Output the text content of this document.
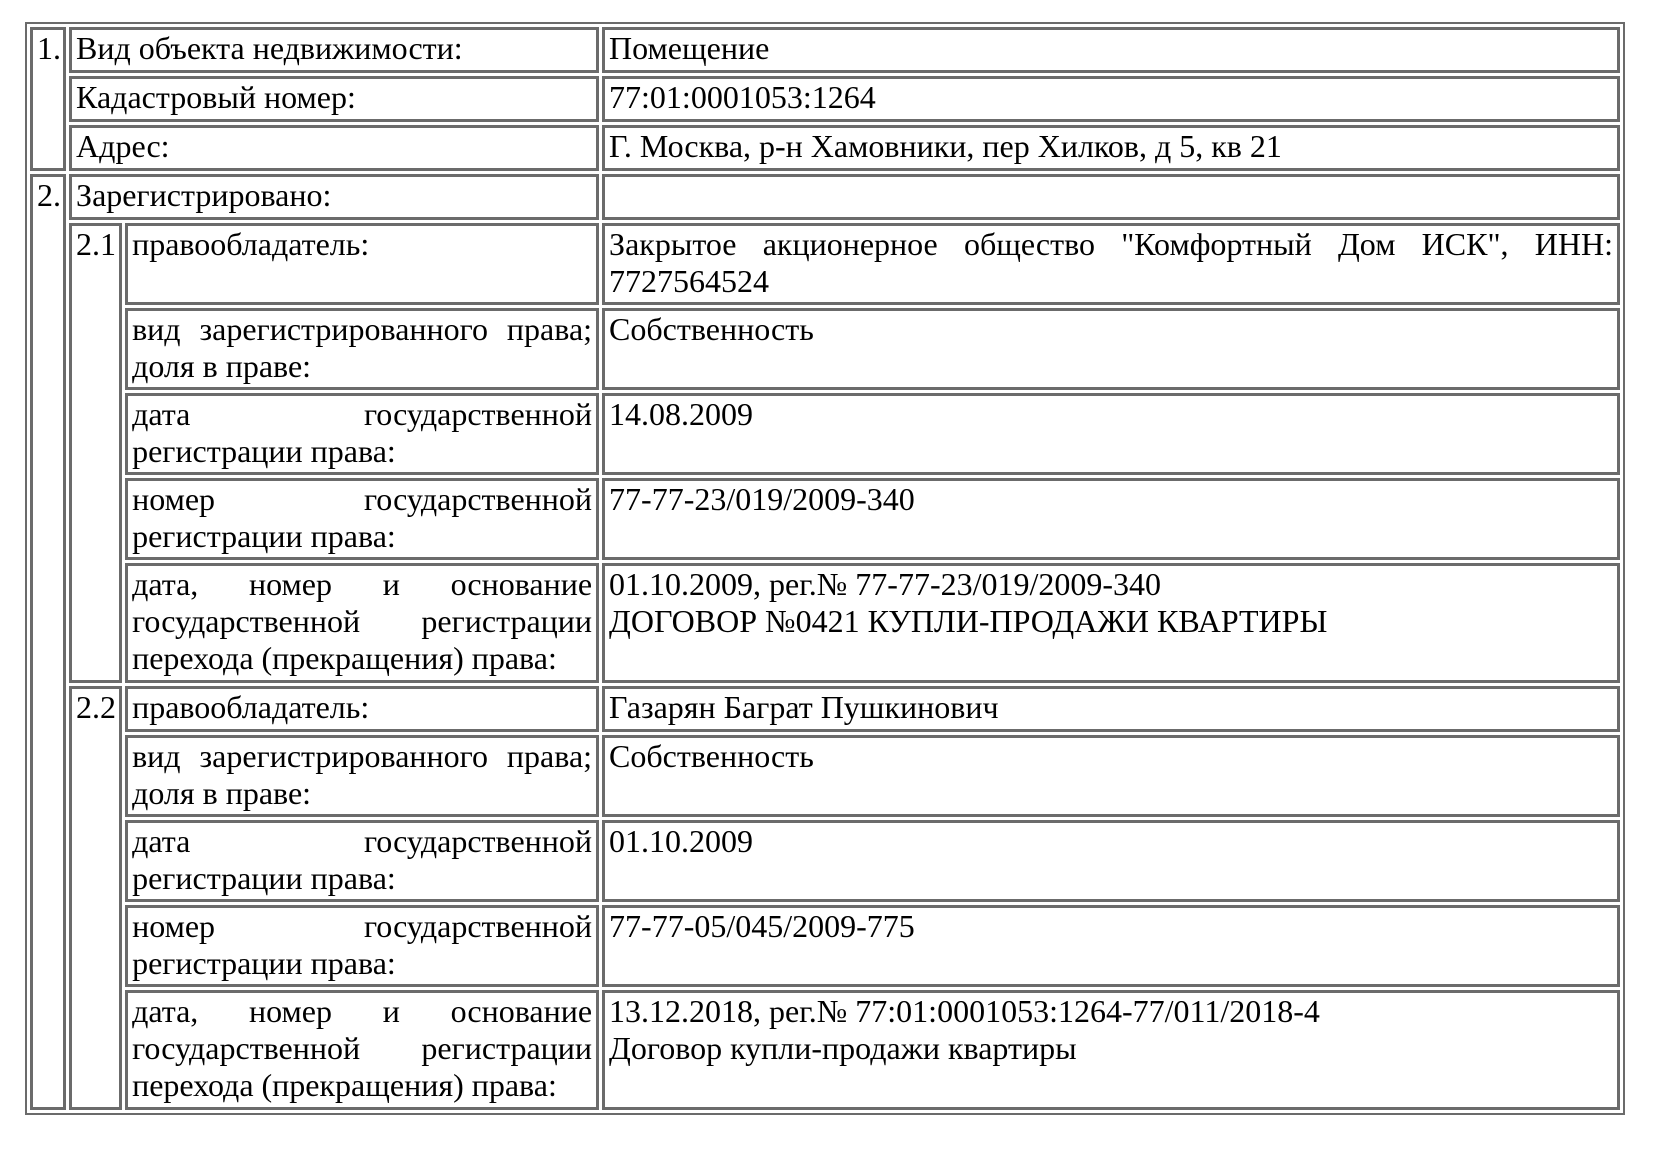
1.	Вид объекта недвижимости:		Помещение
	Кадастровый номер:		77:01:0001053:1264
	Адрес:		Г. Москва, р-н Хамовники, пер Хилков, д 5, кв 21
2.	Зарегистрировано:		
	2.1	правообладатель:	Закрытое акционерное общество "Комфортный Дом ИСК", ИНН: 7727564524
		вид зарегистрированного права; доля в праве:	Собственность
		дата государственной регистрации права:	14.08.2009
		номер государственной регистрации права:	77-77-23/019/2009-340
		дата, номер и основание государственной регистрации перехода (прекращения) права:	01.10.2009, рег.№ 77-77-23/019/2009-340
ДОГОВОР №0421 КУПЛИ-ПРОДАЖИ КВАРТИРЫ

	2.2	правообладатель:	Газарян Баграт Пушкинович
		вид зарегистрированного права; доля в праве:	Собственность
		дата государственной регистрации права:	01.10.2009
		номер государственной регистрации права:	77-77-05/045/2009-775
		дата, номер и основание государственной регистрации перехода (прекращения) права:	13.12.2018, рег.№ 77:01:0001053:1264-77/011/2018-4
Договор купли-продажи квартиры
